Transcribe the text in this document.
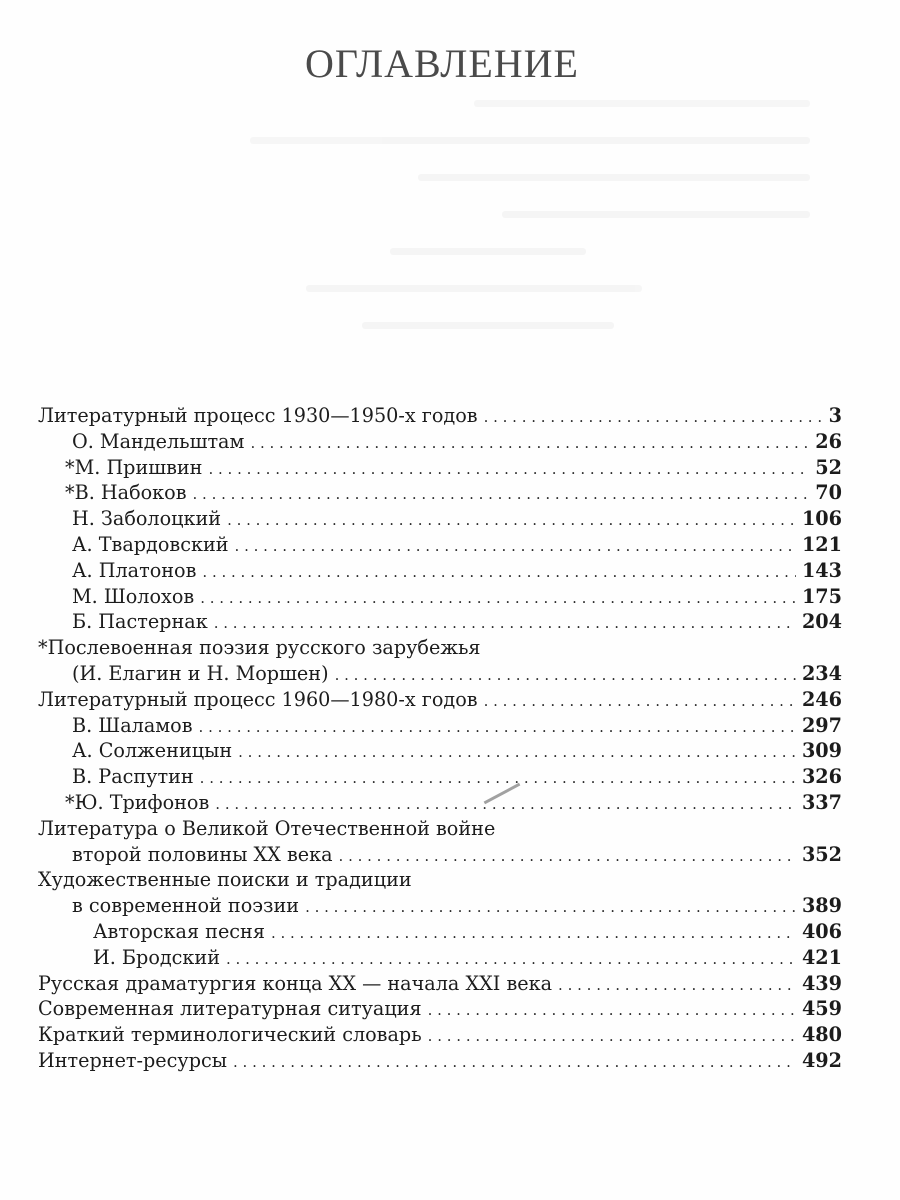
ОГЛАВЛЕНИЕ
Литературный процесс 1930—1950-х годов . . .	3
О. Мандельштам . . .	26
*М. Пришвин . . .	52
*В. Набоков . . .	70
Н. Заболоцкий . . .	106
А. Твардовский . . .	121
А. Платонов . . .	143
М. Шолохов . . .	175
Б. Пастернак . . .	204
*Послевоенная поэзия русского зарубежья
(И. Елагин и Н. Моршен) . . .	234
Литературный процесс 1960—1980-х годов . . .	246
В. Шаламов . . .	297
А. Солженицын . . .	309
В. Распутин . . .	326
*Ю. Трифонов . . .	337
Литература о Великой Отечественной войне
второй половины XX века . . .	352
Художественные поиски и традиции
в современной поэзии . . .	389
Авторская песня . . .	406
И. Бродский . . .	421
Русская драматургия конца XX — начала XXI века . . .	439
Современная литературная ситуация . . .	459
Краткий терминологический словарь . . .	480
Интернет-ресурсы . . .	492
